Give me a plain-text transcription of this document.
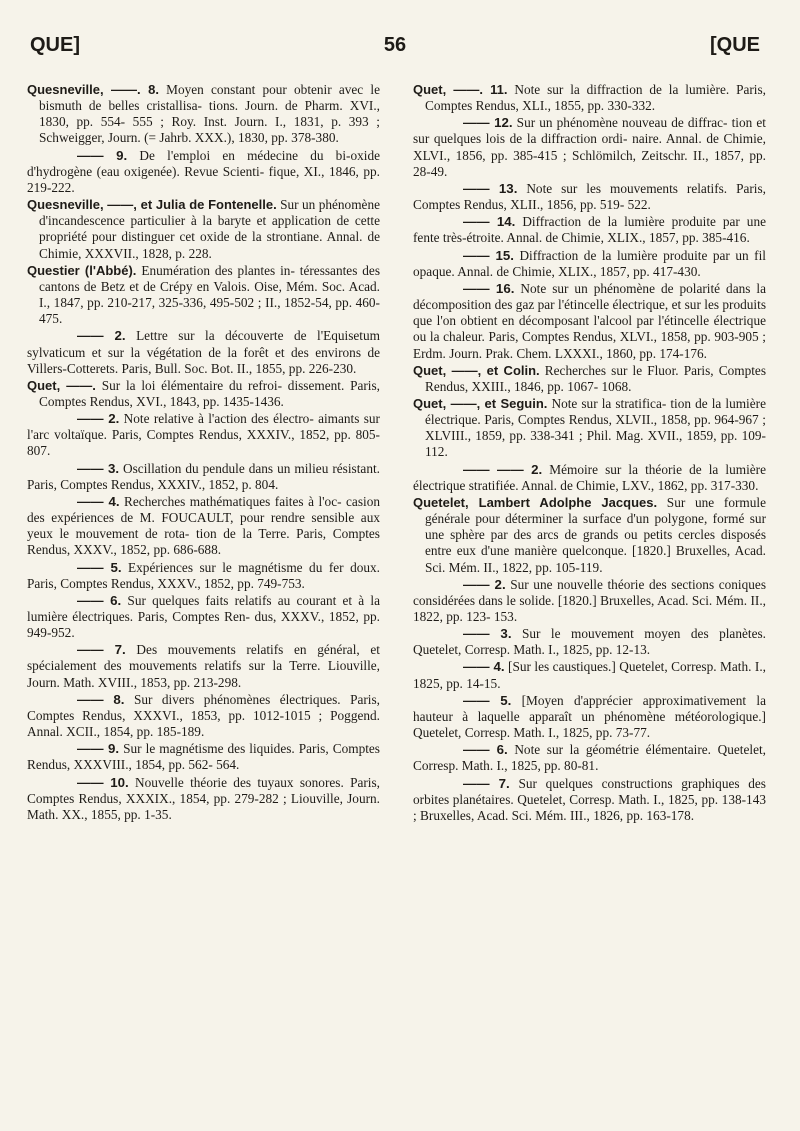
QUE]	56	[QUE

Quesneville, ——. 8. Moyen constant pour obtenir avec le bismuth de belles cristallisa- tions. Journ. de Pharm. XVI., 1830, pp. 554- 555 ; Roy. Inst. Journ. I., 1831, p. 393 ; Schweigger, Journ. (= Jahrb. XXX.), 1830, pp. 378-380.

—— 9. De l'emploi en médecine du bi-oxide d'hydrogène (eau oxigenée). Revue Scienti- fique, XI., 1846, pp. 219-222.

Quesneville, ——, et Julia de Fontenelle. Sur un phénomène d'incandescence particulier à la baryte et application de cette propriété pour distinguer cet oxide de la strontiane. Annal. de Chimie, XXXVII., 1828, p. 228.

Questier (l'Abbé). Enumération des plantes in- téressantes des cantons de Betz et de Crépy en Valois. Oise, Mém. Soc. Acad. I., 1847, pp. 210-217, 325-336, 495-502 ; II., 1852-54, pp. 460-475.

—— 2. Lettre sur la découverte de l'Equisetum sylvaticum et sur la végétation de la forêt et des environs de Villers-Cotterets. Paris, Bull. Soc. Bot. II., 1855, pp. 226-230.

Quet, ——. Sur la loi élémentaire du refroi- dissement. Paris, Comptes Rendus, XVI., 1843, pp. 1435-1436.

—— 2. Note relative à l'action des électro- aimants sur l'arc voltaïque. Paris, Comptes Rendus, XXXIV., 1852, pp. 805-807.

—— 3. Oscillation du pendule dans un milieu résistant. Paris, Comptes Rendus, XXXIV., 1852, p. 804.

—— 4. Recherches mathématiques faites à l'oc- casion des expériences de M. FOUCAULT, pour rendre sensible aux yeux le mouvement de rota- tion de la Terre. Paris, Comptes Rendus, XXXV., 1852, pp. 686-688.

—— 5. Expériences sur le magnétisme du fer doux. Paris, Comptes Rendus, XXXV., 1852, pp. 749-753.

—— 6. Sur quelques faits relatifs au courant et à la lumière électriques. Paris, Comptes Ren- dus, XXXV., 1852, pp. 949-952.

—— 7. Des mouvements relatifs en général, et spécialement des mouvements relatifs sur la Terre. Liouville, Journ. Math. XVIII., 1853, pp. 213-298.

—— 8. Sur divers phénomènes électriques. Paris, Comptes Rendus, XXXVI., 1853, pp. 1012-1015 ; Poggend. Annal. XCII., 1854, pp. 185-189.

—— 9. Sur le magnétisme des liquides. Paris, Comptes Rendus, XXXVIII., 1854, pp. 562- 564.

—— 10. Nouvelle théorie des tuyaux sonores. Paris, Comptes Rendus, XXXIX., 1854, pp. 279-282 ; Liouville, Journ. Math. XX., 1855, pp. 1-35.

Quet, ——. 11. Note sur la diffraction de la lumière. Paris, Comptes Rendus, XLI., 1855, pp. 330-332.

—— 12. Sur un phénomène nouveau de diffrac- tion et sur quelques lois de la diffraction ordi- naire. Annal. de Chimie, XLVI., 1856, pp. 385-415 ; Schlömilch, Zeitschr. II., 1857, pp. 28-49.

—— 13. Note sur les mouvements relatifs. Paris, Comptes Rendus, XLII., 1856, pp. 519- 522.

—— 14. Diffraction de la lumière produite par une fente très-étroite. Annal. de Chimie, XLIX., 1857, pp. 385-416.

—— 15. Diffraction de la lumière produite par un fil opaque. Annal. de Chimie, XLIX., 1857, pp. 417-430.

—— 16. Note sur un phénomène de polarité dans la décomposition des gaz par l'étincelle électrique, et sur les produits que l'on obtient en décomposant l'alcool par l'étincelle électrique ou la chaleur. Paris, Comptes Rendus, XLVI., 1858, pp. 903-905 ; Erdm. Journ. Prak. Chem. LXXXI., 1860, pp. 174-176.

Quet, ——, et Colin. Recherches sur le Fluor. Paris, Comptes Rendus, XXIII., 1846, pp. 1067- 1068.

Quet, ——, et Seguin. Note sur la stratifica- tion de la lumière électrique. Paris, Comptes Rendus, XLVII., 1858, pp. 964-967 ; XLVIII., 1859, pp. 338-341 ; Phil. Mag. XVII., 1859, pp. 109-112.

—— —— 2. Mémoire sur la théorie de la lumière électrique stratifiée. Annal. de Chimie, LXV., 1862, pp. 317-330.

Quetelet, Lambert Adolphe Jacques. Sur une formule générale pour déterminer la surface d'un polygone, formé sur une sphère par des arcs de grands ou petits cercles disposés entre eux d'une manière quelconque. [1820.] Bruxelles, Acad. Sci. Mém. II., 1822, pp. 105-119.

—— 2. Sur une nouvelle théorie des sections coniques considérées dans le solide. [1820.] Bruxelles, Acad. Sci. Mém. II., 1822, pp. 123- 153.

—— 3. Sur le mouvement moyen des planètes. Quetelet, Corresp. Math. I., 1825, pp. 12-13.

—— 4. [Sur les caustiques.] Quetelet, Corresp. Math. I., 1825, pp. 14-15.

—— 5. [Moyen d'apprécier approximativement la hauteur à laquelle apparaît un phénomène météorologique.] Quetelet, Corresp. Math. I., 1825, pp. 73-77.

—— 6. Note sur la géométrie élémentaire. Quetelet, Corresp. Math. I., 1825, pp. 80-81.

—— 7. Sur quelques constructions graphiques des orbites planétaires. Quetelet, Corresp. Math. I., 1825, pp. 138-143 ; Bruxelles, Acad. Sci. Mém. III., 1826, pp. 163-178.
